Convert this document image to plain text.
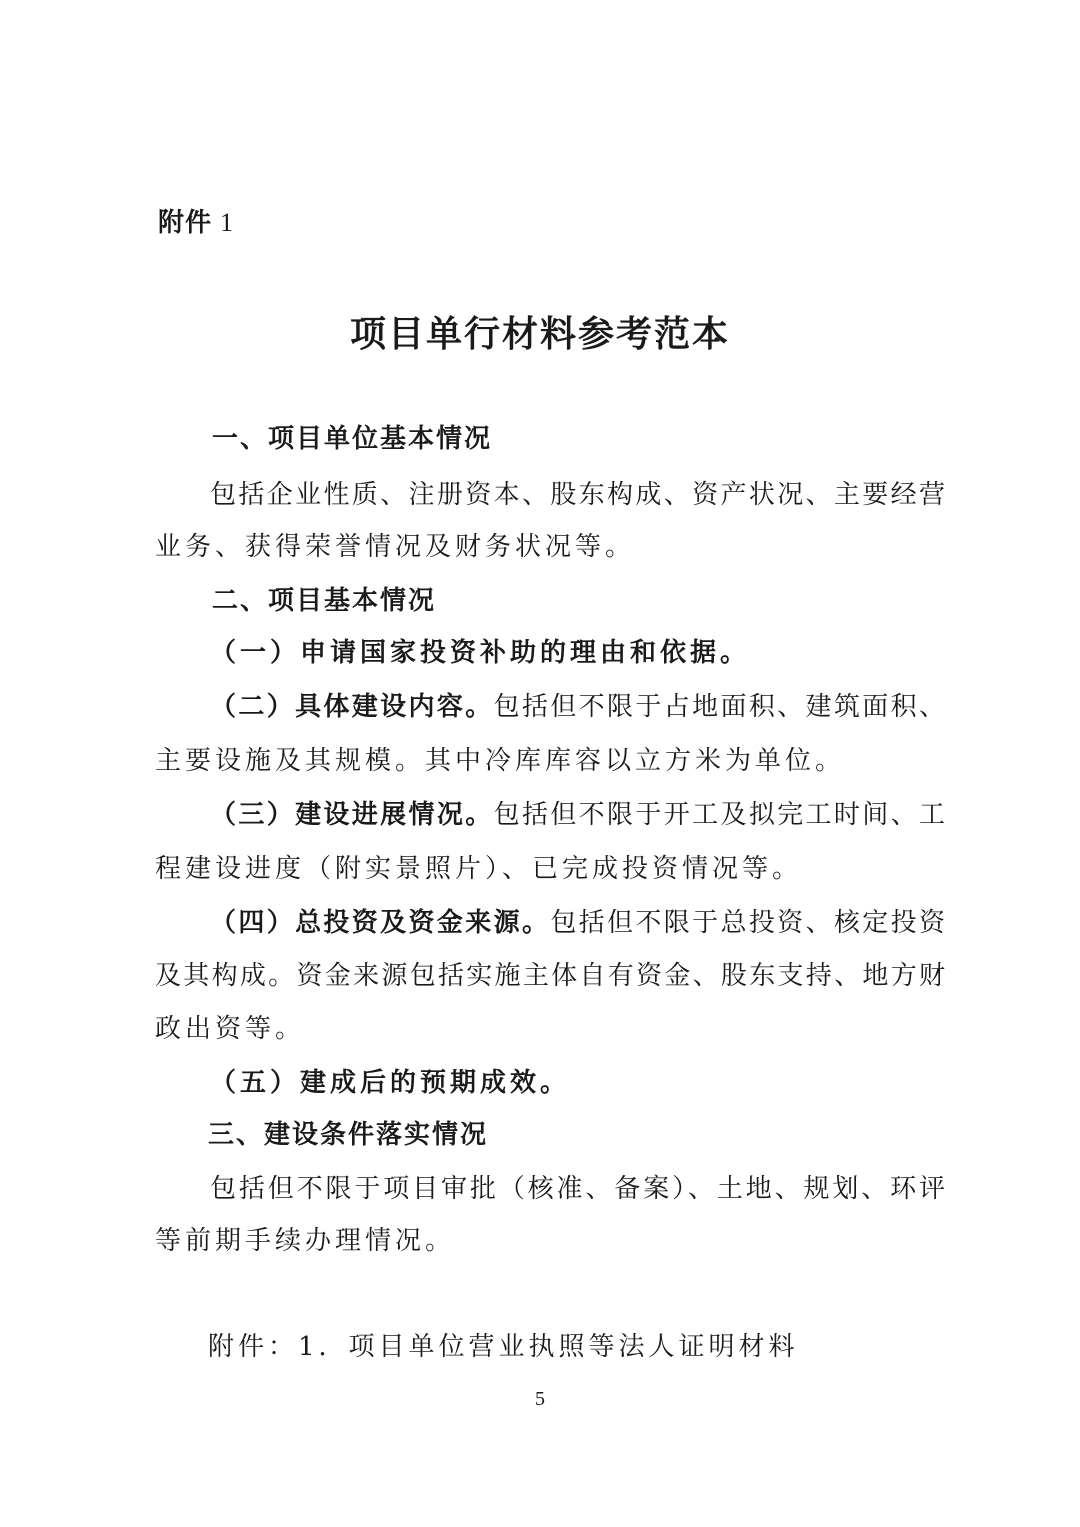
附件 1
项目单行材料参考范本
一、项目单位基本情况
包括企业性质、注册资本、股东构成、资产状况、主要经营
业务、获得荣誉情况及财务状况等。
二、项目基本情况
（一）申请国家投资补助的理由和依据。
（二）具体建设内容。包括但不限于占地面积、建筑面积、
主要设施及其规模。其中冷库库容以立方米为单位。
（三）建设进展情况。包括但不限于开工及拟完工时间、工
程建设进度（附实景照片）、已完成投资情况等。
（四）总投资及资金来源。包括但不限于总投资、核定投资
及其构成。资金来源包括实施主体自有资金、股东支持、地方财
政出资等。
（五）建成后的预期成效。
三、建设条件落实情况
包括但不限于项目审批（核准、备案）、土地、规划、环评
等前期手续办理情况。
附件：1．项目单位营业执照等法人证明材料
5
